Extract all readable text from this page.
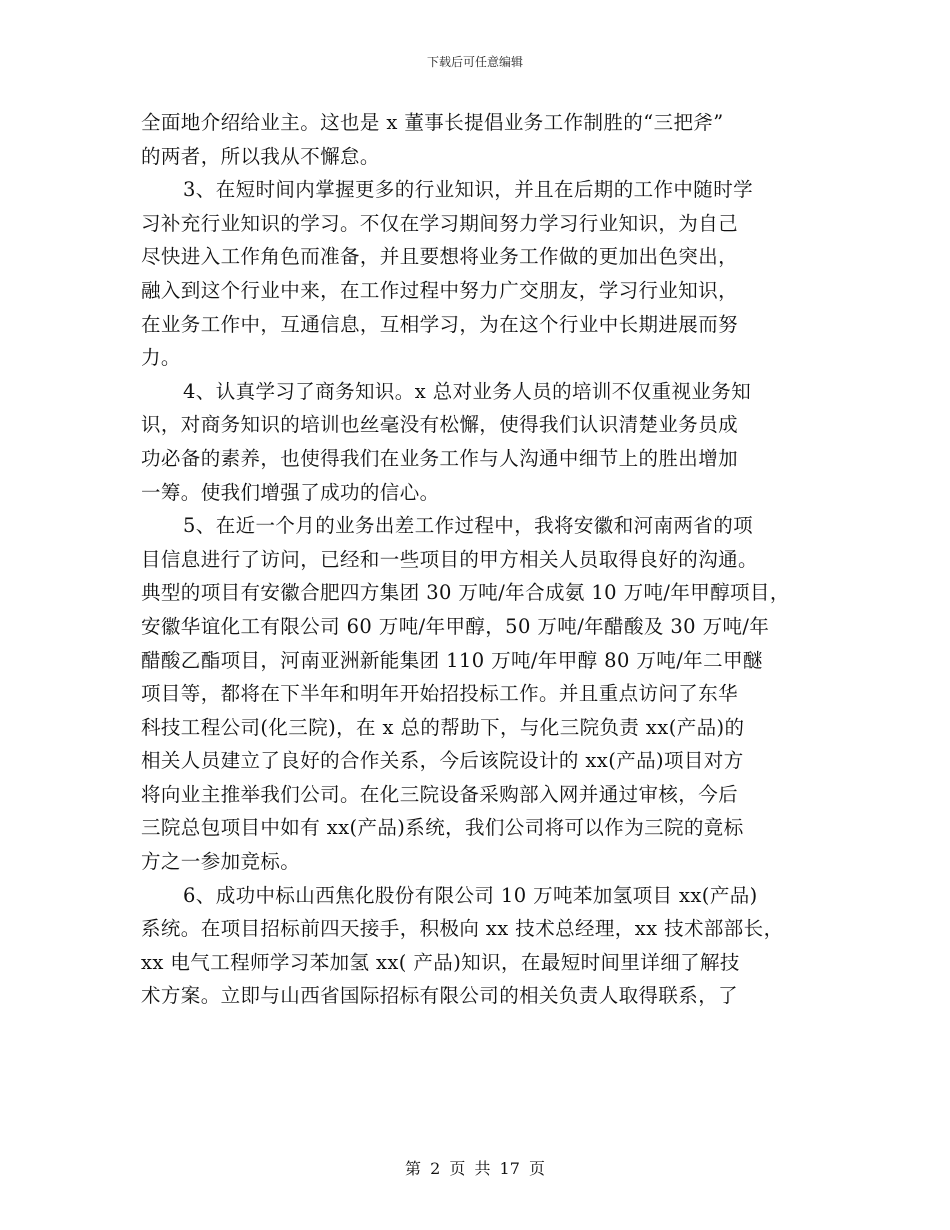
下载后可任意编辑
全面地介绍给业主。这也是 x 董事长提倡业务工作制胜的“三把斧”
的两者，所以我从不懈怠。
3、在短时间内掌握更多的行业知识，并且在后期的工作中随时学
习补充行业知识的学习。不仅在学习期间努力学习行业知识，为自己
尽快进入工作角色而准备，并且要想将业务工作做的更加出色突出，
融入到这个行业中来，在工作过程中努力广交朋友，学习行业知识，
在业务工作中，互通信息，互相学习，为在这个行业中长期进展而努
力。
4、认真学习了商务知识。x 总对业务人员的培训不仅重视业务知
识，对商务知识的培训也丝毫没有松懈，使得我们认识清楚业务员成
功必备的素养，也使得我们在业务工作与人沟通中细节上的胜出增加
一筹。使我们增强了成功的信心。
5、在近一个月的业务出差工作过程中，我将安徽和河南两省的项
目信息进行了访问，已经和一些项目的甲方相关人员取得良好的沟通。
典型的项目有安徽合肥四方集团 30 万吨/年合成氨 10 万吨/年甲醇项目，
安徽华谊化工有限公司 60 万吨/年甲醇，50 万吨/年醋酸及 30 万吨/年
醋酸乙酯项目，河南亚洲新能集团 110 万吨/年甲醇 80 万吨/年二甲醚
项目等，都将在下半年和明年开始招投标工作。并且重点访问了东华
科技工程公司(化三院)，在 x 总的帮助下，与化三院负责 xx(产品)的
相关人员建立了良好的合作关系，今后该院设计的 xx(产品)项目对方
将向业主推举我们公司。在化三院设备采购部入网并通过审核，今后
三院总包项目中如有 xx(产品)系统，我们公司将可以作为三院的竟标
方之一参加竞标。
6、成功中标山西焦化股份有限公司 10 万吨苯加氢项目 xx(产品)
系统。在项目招标前四天接手，积极向 xx 技术总经理，xx 技术部部长，
xx 电气工程师学习苯加氢 xx( 产品)知识，在最短时间里详细了解技
术方案。立即与山西省国际招标有限公司的相关负责人取得联系，了
第 2 页 共 17 页
